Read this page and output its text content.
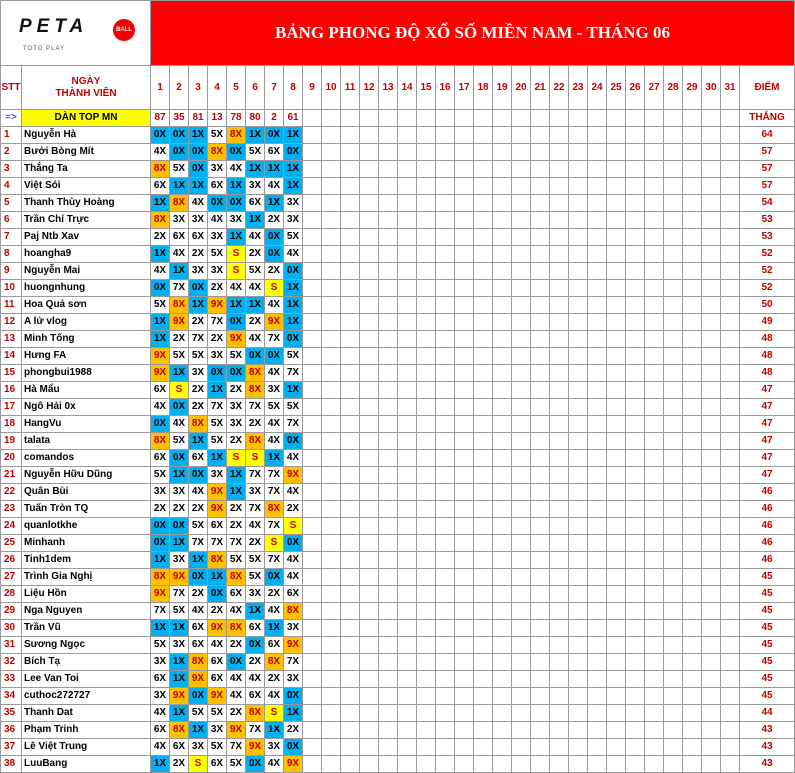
PETA BALL
TOTO PLAY		BẢNG PHONG ĐỘ XỔ SỐ MIỀN NAM - THÁNG 06																															
STT	NGÀY
THÀNH VIÊN	1	2	3	4	5	6	7	8	9	10	11	12	13	14	15	16	17	18	19	20	21	22	23	24	25	26	27	28	29	30	31	ĐIỂM
=>	DÀN TOP MN	87	35	81	13	78	80	2	61																								THẮNG
1	Nguyễn Hà	0X	0X	1X	5X	8X	1X	0X	1X																								64
2	Bưởi Bòng Mít	4X	0X	0X	8X	0X	5X	6X	0X																								57
3	Thắng Ta	8X	5X	0X	3X	4X	1X	1X	1X																								57
4	Việt Sói	6X	1X	1X	6X	1X	3X	4X	1X																								57
5	Thanh Thùy Hoàng	1X	8X	4X	0X	0X	6X	1X	3X																								54
6	Trần Chí Trực	8X	3X	3X	4X	3X	1X	2X	3X																								53
7	Paj Ntb Xav	2X	6X	6X	3X	1X	4X	0X	5X																								53
8	hoangha9	1X	4X	2X	5X	S	2X	0X	4X																								52
9	Nguyễn Mai	4X	1X	3X	3X	S	5X	2X	0X																								52
10	huongnhung	0X	7X	0X	2X	4X	4X	S	1X																								52
11	Hoa Quả sơn	5X	8X	1X	9X	1X	1X	4X	1X																								50
12	A lử vlog	1X	9X	2X	7X	0X	2X	9X	1X																								49
13	Minh Tống	1X	2X	7X	2X	9X	4X	7X	0X																								48
14	Hưng FA	9X	5X	5X	3X	5X	0X	0X	5X																								48
15	phongbui1988	9X	1X	3X	0X	0X	8X	4X	7X																								48
16	Hà Mẩu	6X	S	2X	1X	2X	8X	3X	1X																								47
17	Ngô Hải 0x	4X	0X	2X	7X	3X	7X	5X	5X																								47
18	HangVu	0X	4X	8X	5X	3X	2X	4X	7X																								47
19	talata	8X	5X	1X	5X	2X	8X	4X	0X																								47
20	comandos	6X	0X	6X	1X	S	S	1X	4X																								47
21	Nguyễn Hữu Dũng	5X	1X	0X	3X	1X	7X	7X	9X																								47
22	Quân Bùi	3X	3X	4X	9X	1X	3X	7X	4X																								46
23	Tuấn Tròn TQ	2X	2X	2X	9X	2X	7X	8X	2X																								46
24	quanlotkhe	0X	0X	5X	6X	2X	4X	7X	S																								46
25	Minhanh	0X	1X	7X	7X	7X	2X	S	0X																								46
26	Tinh1dem	1X	3X	1X	8X	5X	5X	7X	4X																								46
27	Trình Gia Nghị	8X	9X	0X	1X	8X	5X	0X	4X																								45
28	Liệu Hồn	9X	7X	2X	0X	6X	3X	2X	6X																								45
29	Nga Nguyen	7X	5X	4X	2X	4X	1X	4X	8X																								45
30	Trần Vũ	1X	1X	6X	9X	8X	6X	1X	3X																								45
31	Sương Ngọc	5X	3X	6X	4X	2X	0X	6X	9X																								45
32	Bích Tạ	3X	1X	8X	6X	0X	2X	8X	7X																								45
33	Lee Van Toi	6X	1X	9X	6X	4X	4X	2X	3X																								45
34	cuthoc272727	3X	9X	0X	9X	4X	6X	4X	0X																								45
35	Thanh Dat	4X	1X	5X	5X	2X	8X	S	1X																								44
36	Phạm Trinh	6X	8X	1X	3X	9X	7X	1X	2X																								43
37	Lê Việt Trung	4X	6X	3X	5X	7X	9X	3X	0X																								43
38	LuuBang	1X	2X	S	6X	5X	0X	4X	9X																								43
